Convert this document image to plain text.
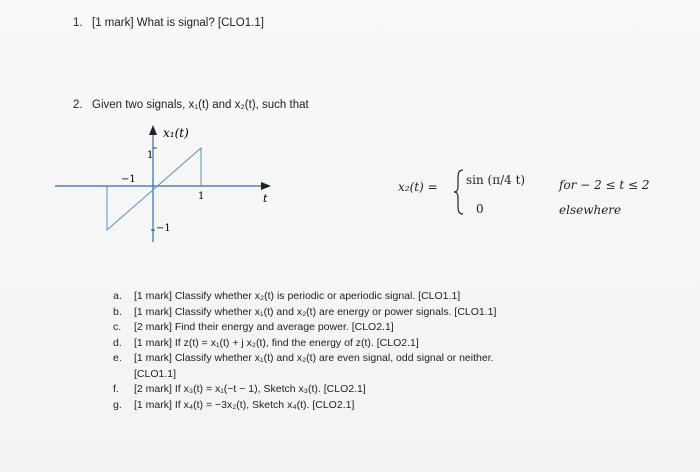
1. [1 mark] What is signal? [CLO1.1]
2. Given two signals, x₁(t) and x₂(t), such that
x₁(t)
t
−1
1
1
−1
x₂(t) = sin (π/4 t)
0
for − 2 ≤ t ≤ 2
elsewhere
a.	[1 mark] Classify whether x₂(t) is periodic or aperiodic signal. [CLO1.1]
b.	[1 mark] Classify whether x₁(t) and x₂(t) are energy or power signals. [CLO1.1]
c.	[2 mark] Find their energy and average power. [CLO2.1]
d.	[1 mark] If z(t) = x₁(t) + j x₂(t), find the energy of z(t). [CLO2.1]
e.	[1 mark] Classify whether x₁(t) and x₂(t) are even signal, odd signal or neither.
[CLO1.1]
f.	[2 mark] If x₃(t) = x₁(−t − 1), Sketch x₃(t). [CLO2.1]
g.	[1 mark] If x₄(t) = −3x₂(t), Sketch x₄(t). [CLO2.1]
